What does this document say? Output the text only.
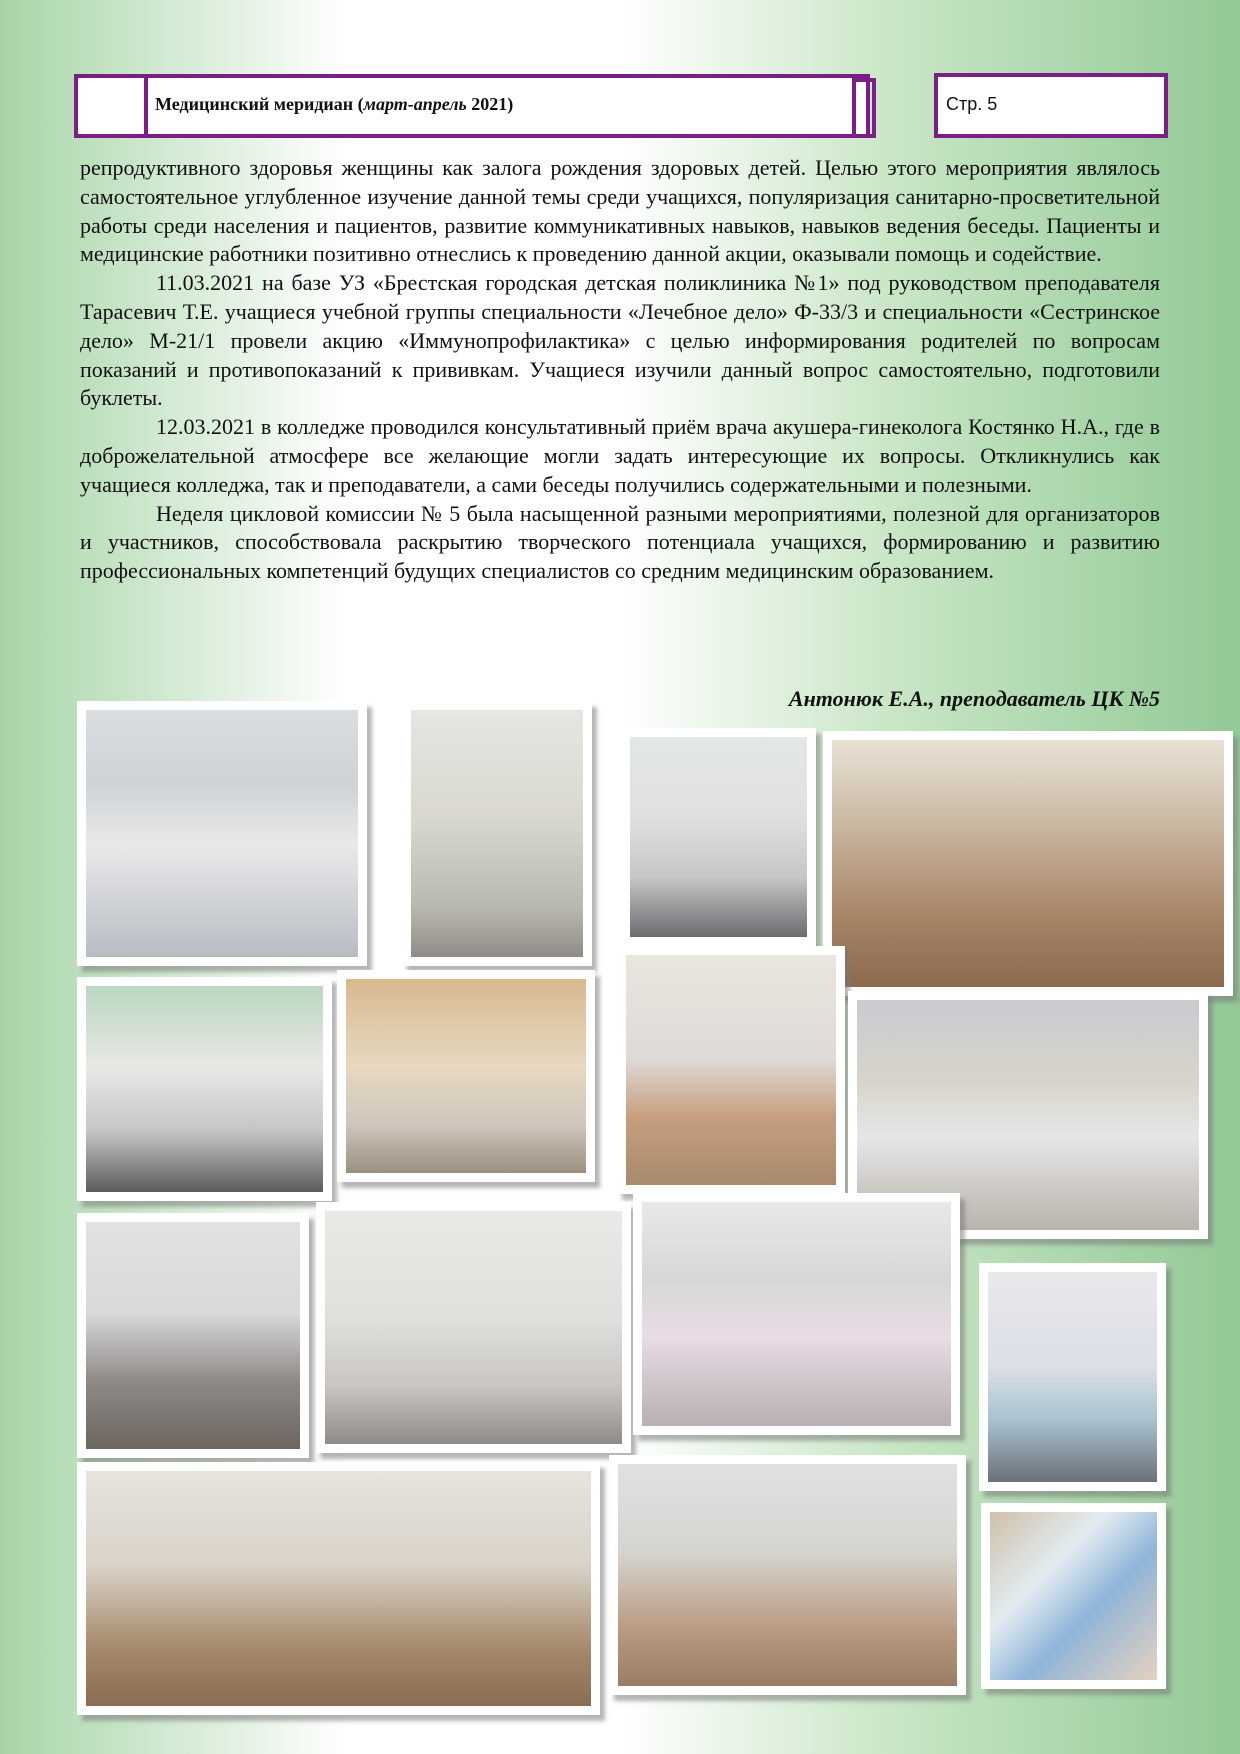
Медицинский меридиан (март-апрель 2021)	Стр. 5

репродуктивного здоровья женщины как залога рождения здоровых детей. Целью этого мероприятия являлось самостоятельное углубленное изучение данной темы среди учащихся, популяризация санитарно-просветительной работы среди населения и пациентов, развитие коммуникативных навыков, навыков ведения беседы. Пациенты и медицинские работники позитивно отнеслись к проведению данной акции, оказывали помощь и содействие.

11.03.2021 на базе УЗ «Брестская городская детская поликлиника №1» под руководством преподавателя Тарасевич Т.Е. учащиеся учебной группы специальности «Лечебное дело» Ф-33/3 и специальности «Сестринское дело» М-21/1 провели акцию «Иммунопрофилактика» с целью информирования родителей по вопросам показаний и противопоказаний к прививкам. Учащиеся изучили данный вопрос самостоятельно, подготовили буклеты.

12.03.2021 в колледже проводился консультативный приём врача акушера-гинеколога Костянко Н.А., где в доброжелательной атмосфере все желающие могли задать интересующие их вопросы. Откликнулись как учащиеся колледжа, так и преподаватели, а сами беседы получились содержательными и полезными.

Неделя цикловой комиссии № 5 была насыщенной разными мероприятиями, полезной для организаторов и участников, способствовала раскрытию творческого потенциала учащихся, формированию и развитию профессиональных компетенций будущих специалистов со средним медицинским образованием.

Антонюк Е.А., преподаватель ЦК №5
